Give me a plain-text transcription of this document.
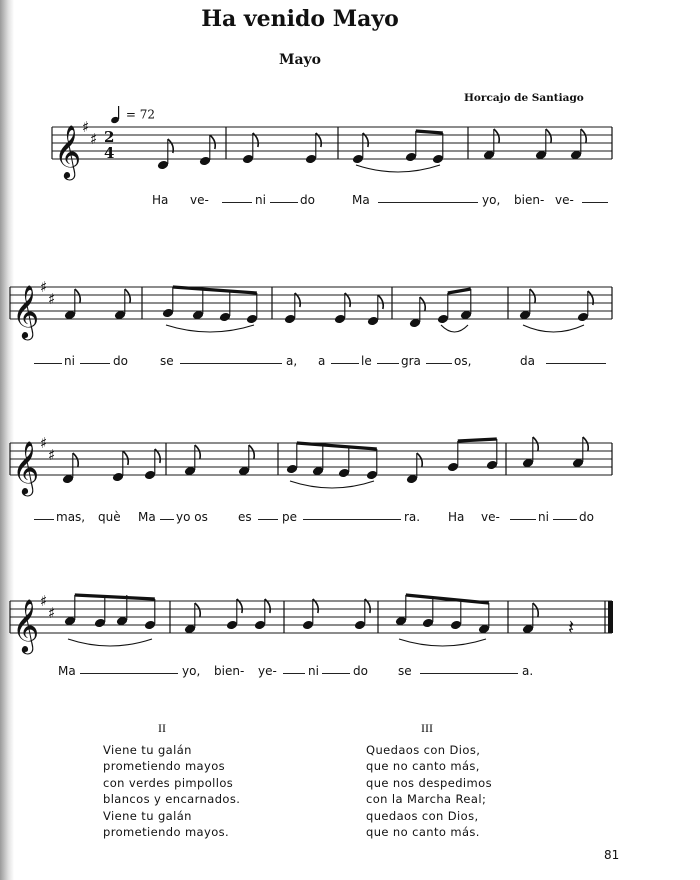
Ha venido Mayo
Mayo
Horcajo de Santiago
= 72
𝄞 ♯
♯ 2
4
𝄞 ♯
♯
𝄞 ♯
♯
𝄞 ♯
♯
𝄽
Ha ve-	ni	do	Ma	yo, bien- ve-
ni	do	se	a, a	le gra	os,	da
mas, què Ma yo os	es	pe	ra. Ha ve-	ni	do
Ma	yo, bien- ye-	ni	do	se	a.
II	III
Viene tu galán
prometiendo mayos
con verdes pimpollos
blancos y encarnados.
Viene tu galán
prometiendo mayos.
Quedaos con Dios,
que no canto más,
que nos despedimos
con la Marcha Real;
quedaos con Dios,
que no canto más.
81
